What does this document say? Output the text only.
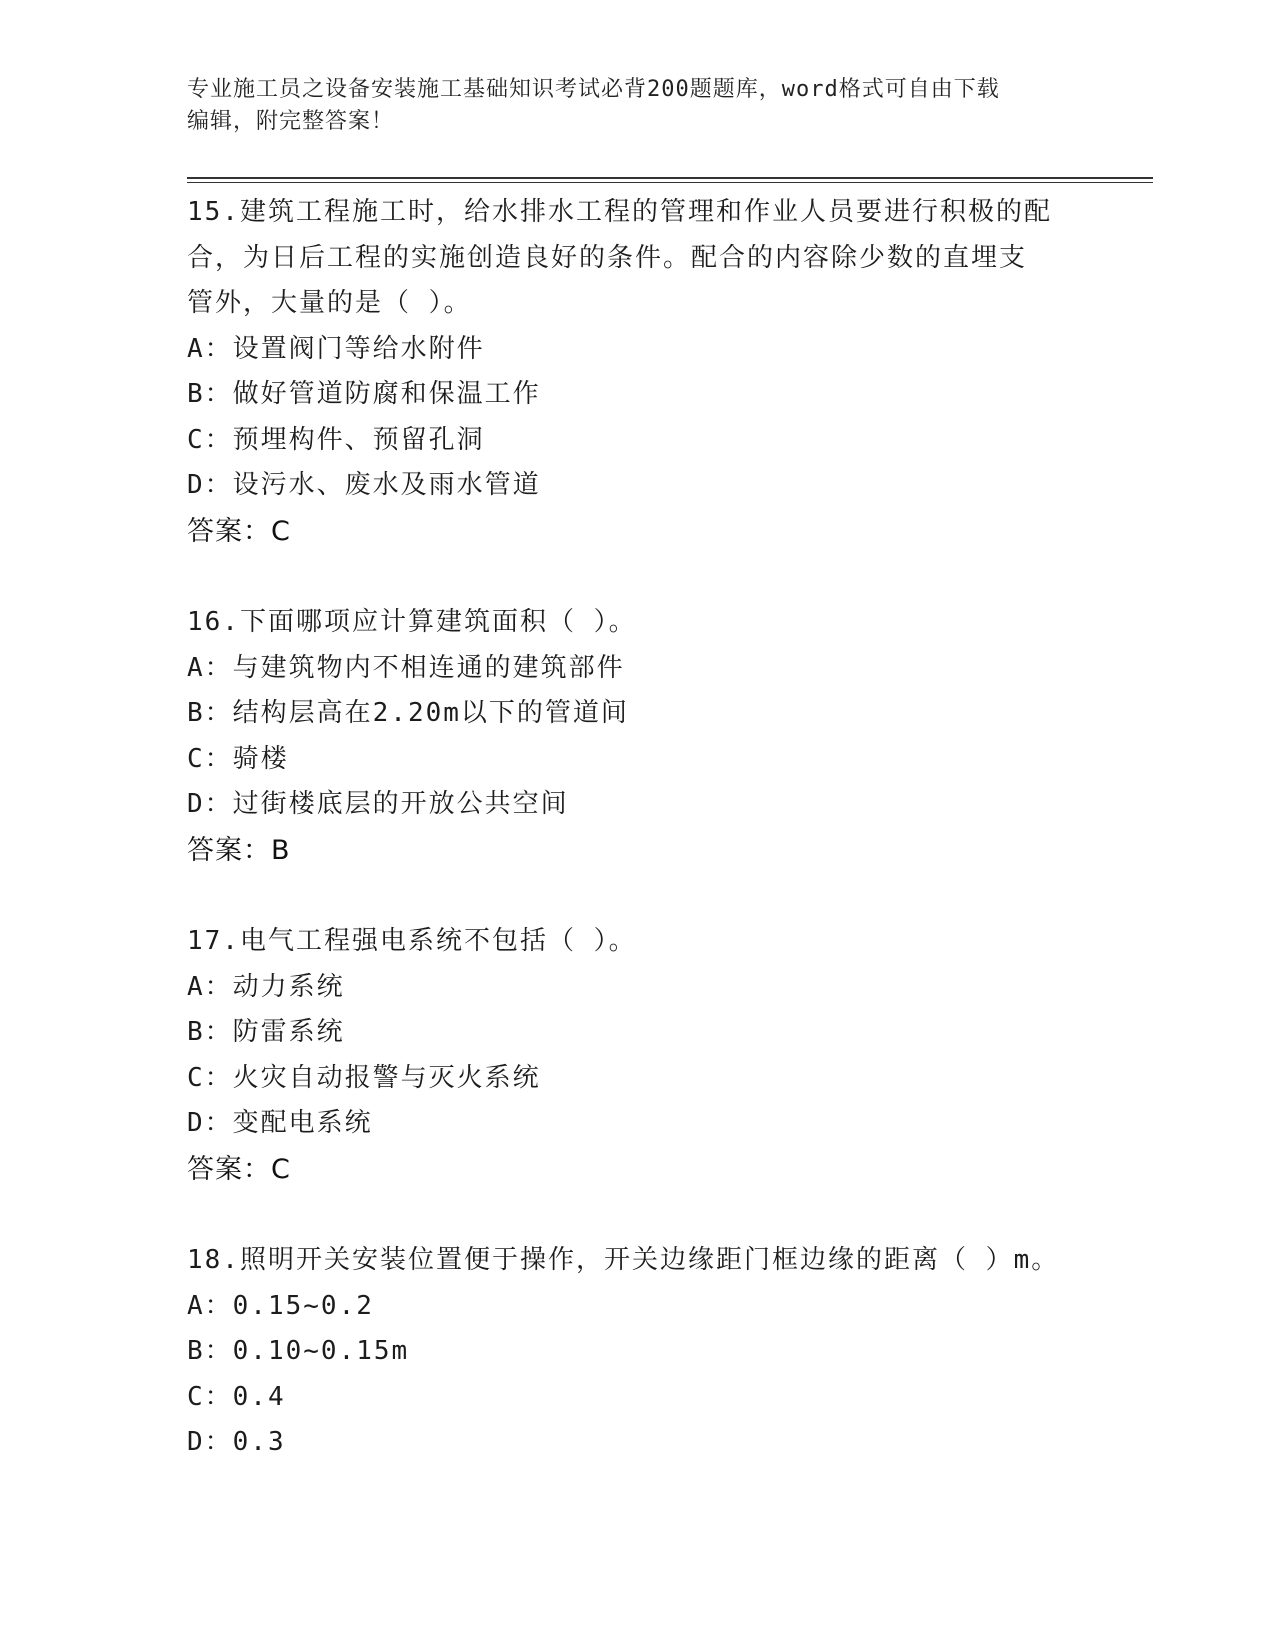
专业施工员之设备安装施工基础知识考试必背200题题库，word格式可自由下载
编辑，附完整答案！
15.建筑工程施工时，给水排水工程的管理和作业人员要进行积极的配
合，为日后工程的实施创造良好的条件。配合的内容除少数的直埋支
管外，大量的是（ ）。
A：设置阀门等给水附件
B：做好管道防腐和保温工作
C：预埋构件、预留孔洞
D：设污水、废水及雨水管道
答案：C
16.下面哪项应计算建筑面积（ ）。
A：与建筑物内不相连通的建筑部件
B：结构层高在2.20m以下的管道间
C：骑楼
D：过街楼底层的开放公共空间
答案：B
17.电气工程强电系统不包括（ ）。
A：动力系统
B：防雷系统
C：火灾自动报警与灭火系统
D：变配电系统
答案：C
18.照明开关安装位置便于操作，开关边缘距门框边缘的距离（ ）m。
A：0.15~0.2
B：0.10~0.15m
C：0.4
D：0.3
